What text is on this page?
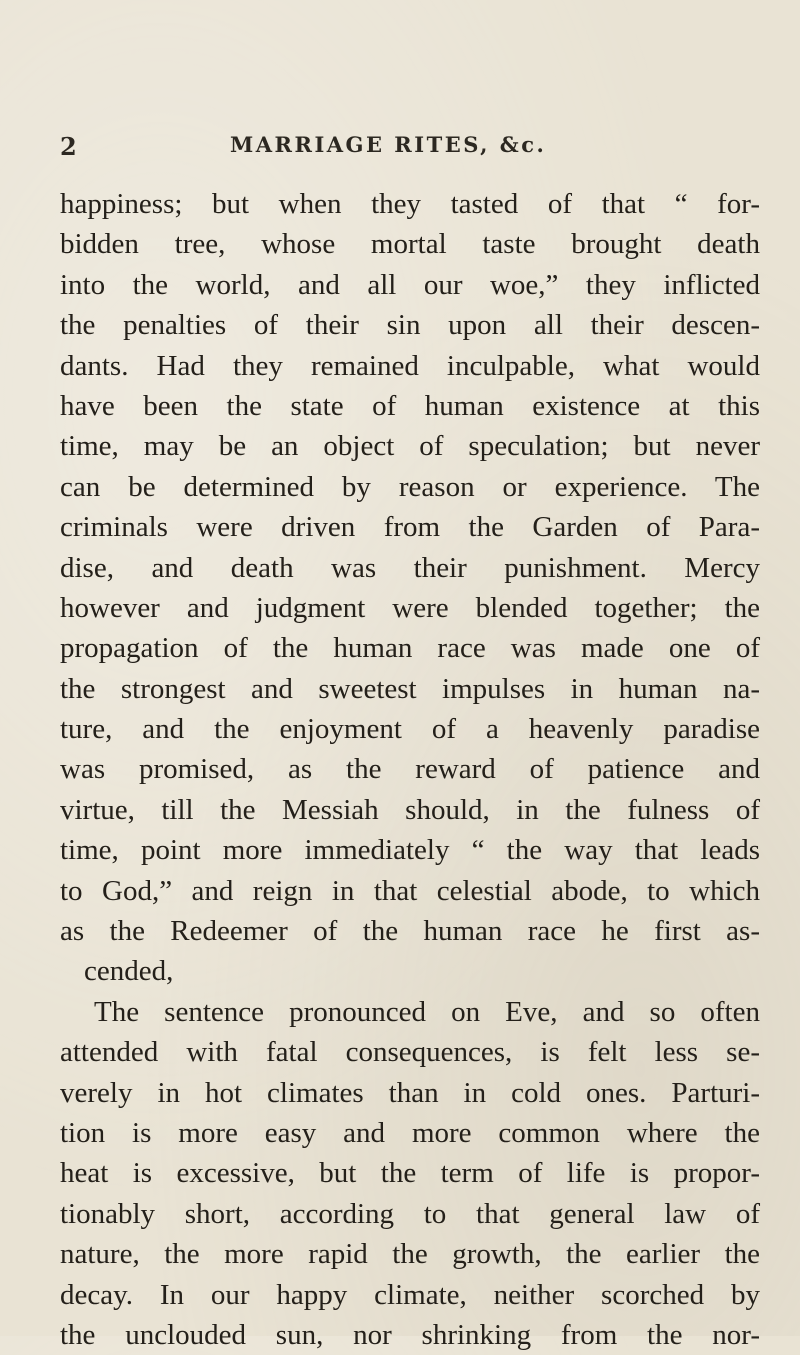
2	MARRIAGE RITES, &c.
happiness; but when they tasted of that “ for-
bidden tree, whose mortal taste brought death
into the world, and all our woe,” they inflicted
the penalties of their sin upon all their descen-
dants. Had they remained inculpable, what would
have been the state of human existence at this
time, may be an object of speculation; but never
can be determined by reason or experience. The
criminals were driven from the Garden of Para-
dise, and death was their punishment. Mercy
however and judgment were blended together; the
propagation of the human race was made one of
the strongest and sweetest impulses in human na-
ture, and the enjoyment of a heavenly paradise
was promised, as the reward of patience and
virtue, till the Messiah should, in the fulness of
time, point more immediately “ the way that leads
to God,” and reign in that celestial abode, to which
as the Redeemer of the human race he first as-
cended,
The sentence pronounced on Eve, and so often
attended with fatal consequences, is felt less se-
verely in hot climates than in cold ones. Parturi-
tion is more easy and more common where the
heat is excessive, but the term of life is propor-
tionably short, according to that general law of
nature, the more rapid the growth, the earlier the
decay. In our happy climate, neither scorched by
the unclouded sun, nor shrinking from the nor-
